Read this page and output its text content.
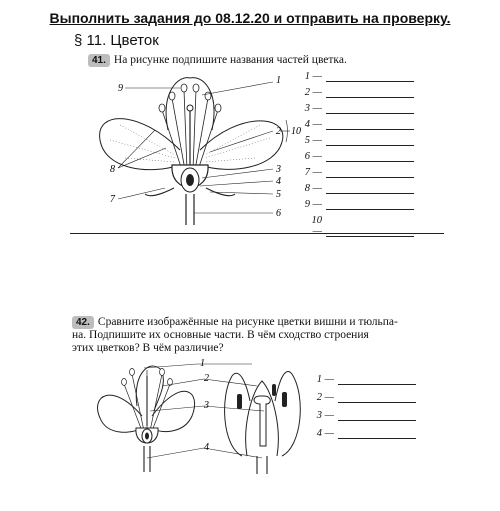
Выполнить задания до 08.12.20 и отправить на проверку.
§ 11. Цветок
41. На рисунке подпишите названия частей цветка.
9
1
2 10
3
4
5
6
7
8
1 —
2 —
3 —
4 —
5 —
6 —
7 —
8 —
9 —
10 —
42. Сравните изображённые на рисунке цветки вишни и тюльпа-
на. Подпишите их основные части. В чём сходство строения
этих цветков? В чём различие?
1
2
3
4
1 —
2 —
3 —
4 —
